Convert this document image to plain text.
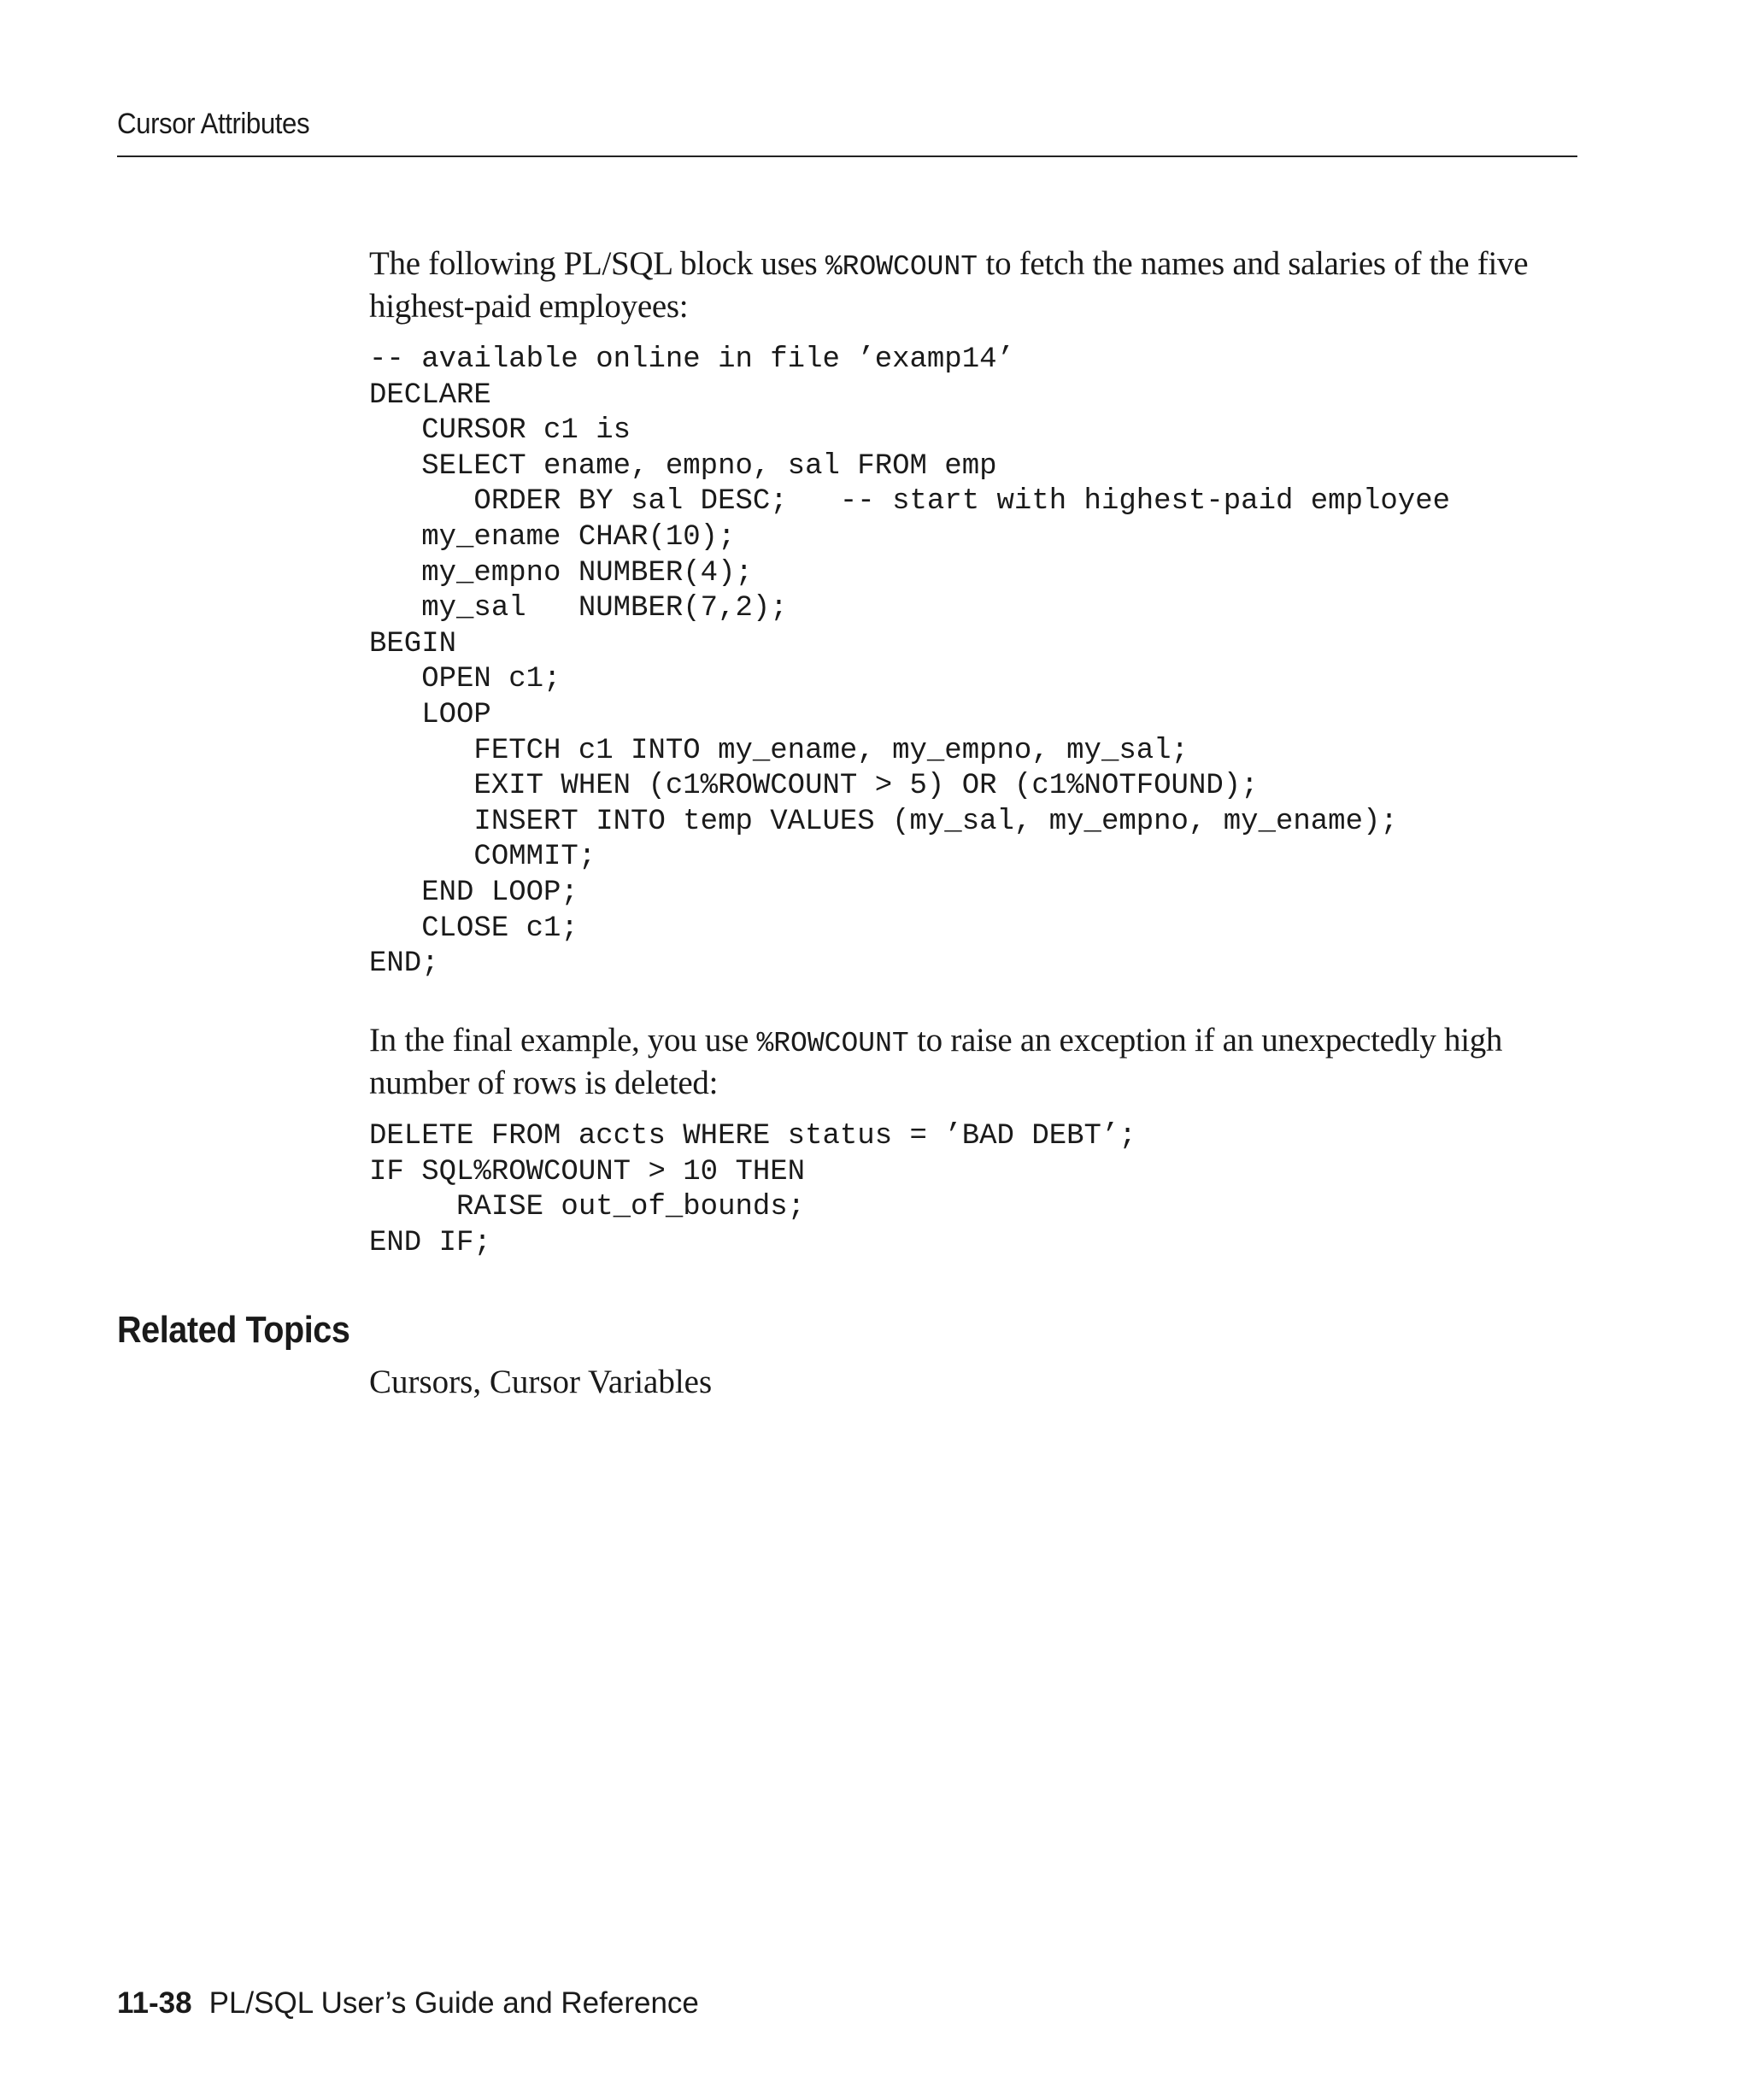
Cursor Attributes
The following PL/SQL block uses %ROWCOUNT to fetch the names and salaries of the five highest-paid employees:
-- available online in file ’examp14’
DECLARE
CURSOR c1 is
SELECT ename, empno, sal FROM emp
ORDER BY sal DESC;   -- start with highest-paid employee
my_ename CHAR(10);
my_empno NUMBER(4);
my_sal   NUMBER(7,2);
BEGIN
OPEN c1;
LOOP
FETCH c1 INTO my_ename, my_empno, my_sal;
EXIT WHEN (c1%ROWCOUNT > 5) OR (c1%NOTFOUND);
INSERT INTO temp VALUES (my_sal, my_empno, my_ename);
COMMIT;
END LOOP;
CLOSE c1;
END;
In the final example, you use %ROWCOUNT to raise an exception if an unexpectedly high number of rows is deleted:
DELETE FROM accts WHERE status = ’BAD DEBT’;
IF SQL%ROWCOUNT > 10 THEN
RAISE out_of_bounds;
END IF;
Related Topics
Cursors, Cursor Variables
11-38 PL/SQL User’s Guide and Reference
